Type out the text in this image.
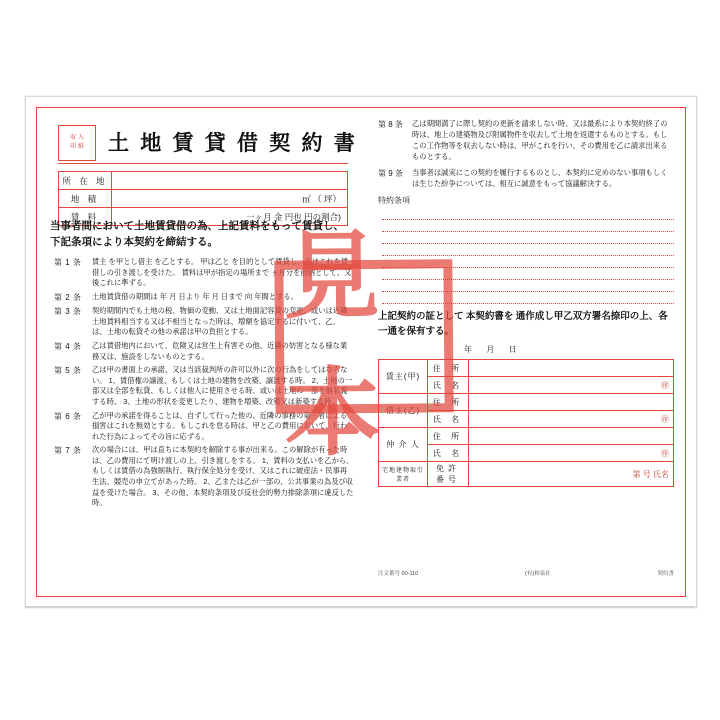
収 入
印 紙 土 地 賃 貸 借 契 約 書
所 在 地	
地 積	㎡ （ 坪）
賃 料	一ヶ月 金 円也 円の割合)
当事者間において土地賃貸借の為、上記賃料をもって賃貸し、下記条項により本契約を締結する。
第 1 条	賃主 を甲とし借主 を乙とする。 甲は乙と を目的として賃貸し、乙はこれを賃借しの引き渡しを受けた。 賃料は甲が指定の場所まで ヶ月分を前納として、又後これに準ずる。
第 2 条	土地賃貸借の期間は 年 月 日より 年 月 日まで 向 年間とする。
第 3 条	契約期間内でも土地の税、物価の変動、又は土地面記容貸の変更、或いは近隣土地賃料相当する又は不相当となった時は、増額を協定するに付いて、乙、は、土地の転貸その他の承諾は甲の負担とする。
第 4 条	乙は賃借地内において、危険又は営生上有害その他、近隣の妨害となる様な業務又は、施設をしないものとする。
第 5 条	乙は甲の書面上の承諾、又は当該裁判所の許可以外に次の行為をしてはならない。 1、賃借権の譲渡、もしくは土地の建物を改築、譲渡する時。 2、土地の一部又は全部を転貸、もしくは他人に使用させる時、或いは土地の一部を他名義する時。 3、土地の形状を変更したり、建物を増築、改築又は新築する時。
第 6 条	乙が甲の承諾を得ることは、自ずして行った他の、近隣の事務の第三者による損害はこれを無効とする。もしこれを怠る時は、甲と乙の費用において、行われた行為によってその旨に応ずる。
第 7 条	次の場合には、甲は直ちに本契約を解除する事が出来る。この解除が有った時は、乙の費用にて明け渡しの上、引き渡しをする。 1、賃料の支払いを乙から、もしくは賃借の為強制執行、執行保全処分を受け、又はこれに破産法・民事再生法、競売の申立てがあった時。 2、乙または乙が一部の、公共事業の為及び収益を受けた場合。 3、その他、本契約条項及び反社会的勢力排除条項に違反した時。
第 8 条	乙は期間満了に際し契約の更新を請求しない時、又は最系により本契約終了の時は、地上の建築物及び附属物件を収去して土地を返還するものとする。もしこの工作物等を収去しない時は、甲がこれを行い、その費用を乙に請求出来るものとする。
第 9 条	当事者は誠実にこの契約を履行するものとし、本契約に定めのない事項もしくは生じた紛争については、相互に誠意をもって協議解決する。
特約条項
上記契約の証として 本契約書を 通作成し甲乙双方署名捺印の上、各一通を保有する。
年 月 日
賃主(甲)	住 所	
	氏 名	㊞
借主(乙)	住 所	
	氏 名	㊞
仲 介 人	住 所	
	氏 名	㊞
宅地建物取引業者	免許番号	第 号 氏名
注文番号 00-110	(有)和泉社	契約書
見本
